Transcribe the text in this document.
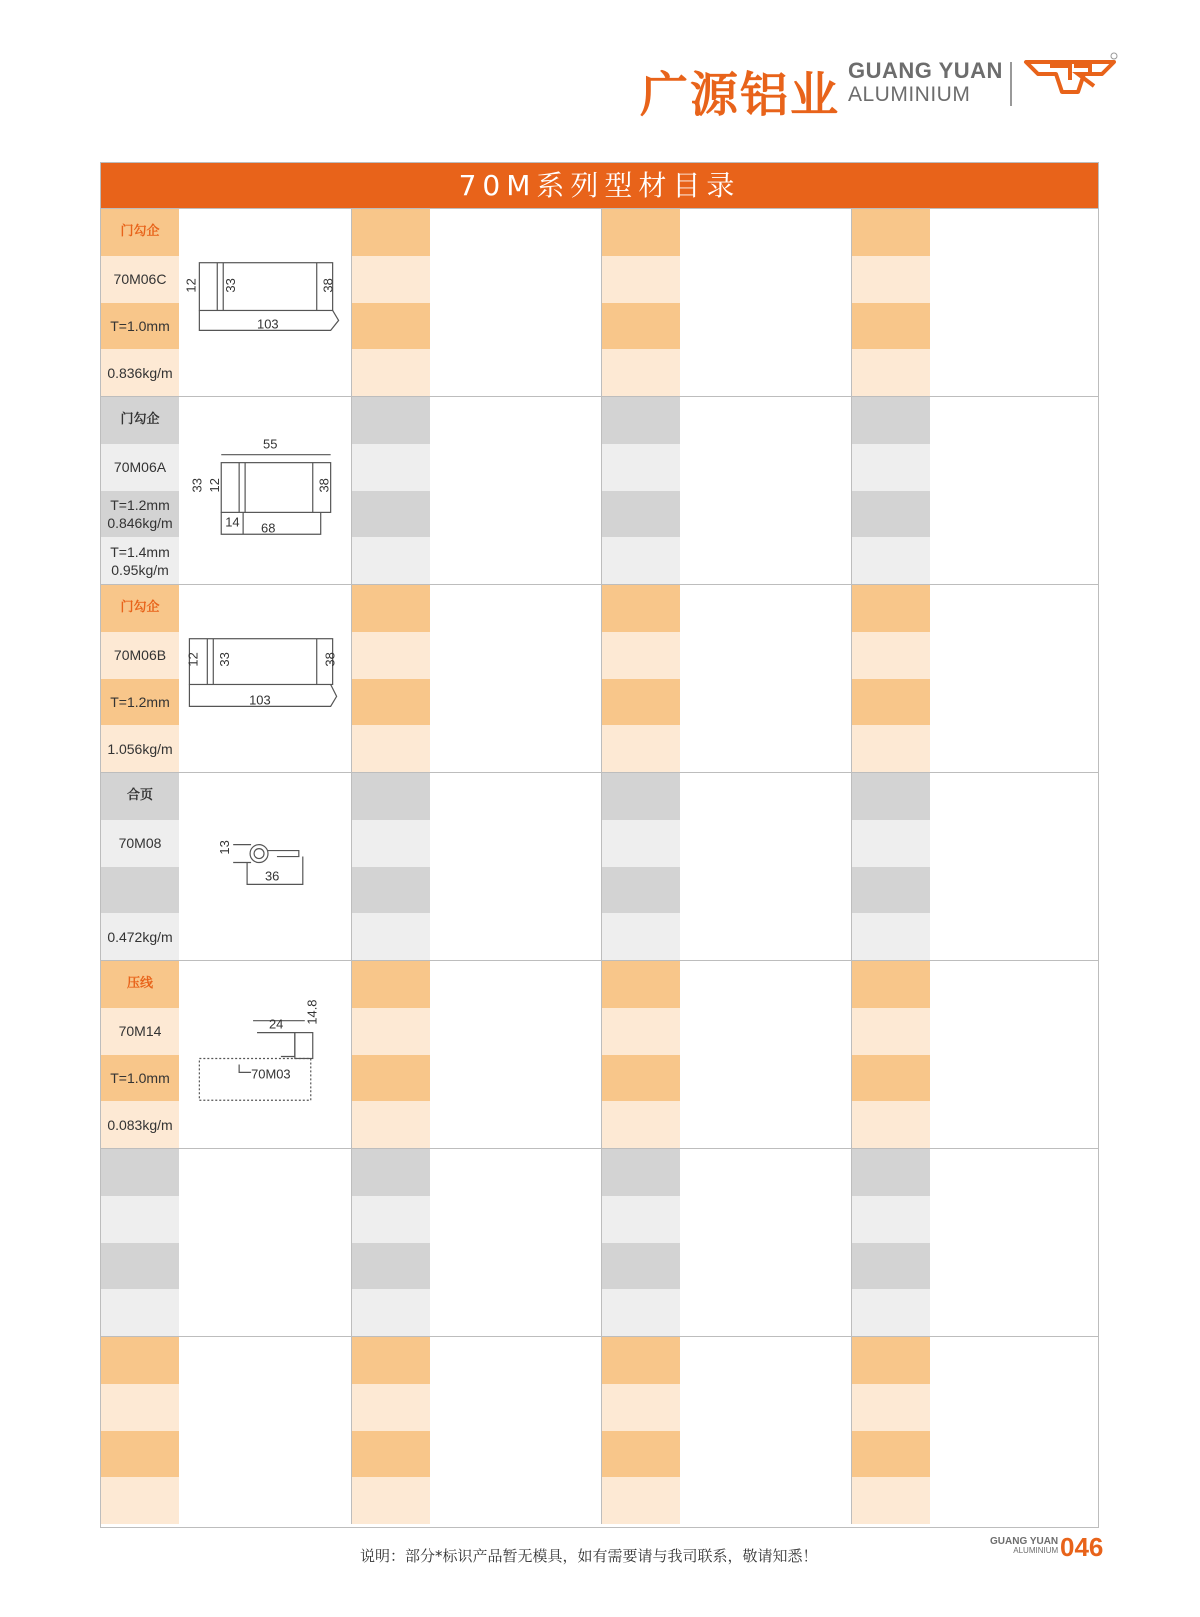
广源铝业 GUANG YUAN
ALUMINIUM
70M系列型材目录
门勾企
70M06C
T=1.0mm
0.836kg/m
12 33	38
103
门勾企
70M06A
T=1.2mm
0.846kg/m
T=1.4mm
0.95kg/m
55
33 12	38
14 68
门勾企
70M06B
T=1.2mm
1.056kg/m
12 33	38
103
合页
70M08
0.472kg/m
13
36
压线
70M14
T=1.0mm
0.083kg/m
24 14.8
70M03
说明：部分*标识产品暂无模具，如有需要请与我司联系，敬请知悉！
GUANG YUAN
ALUMINIUM 046
